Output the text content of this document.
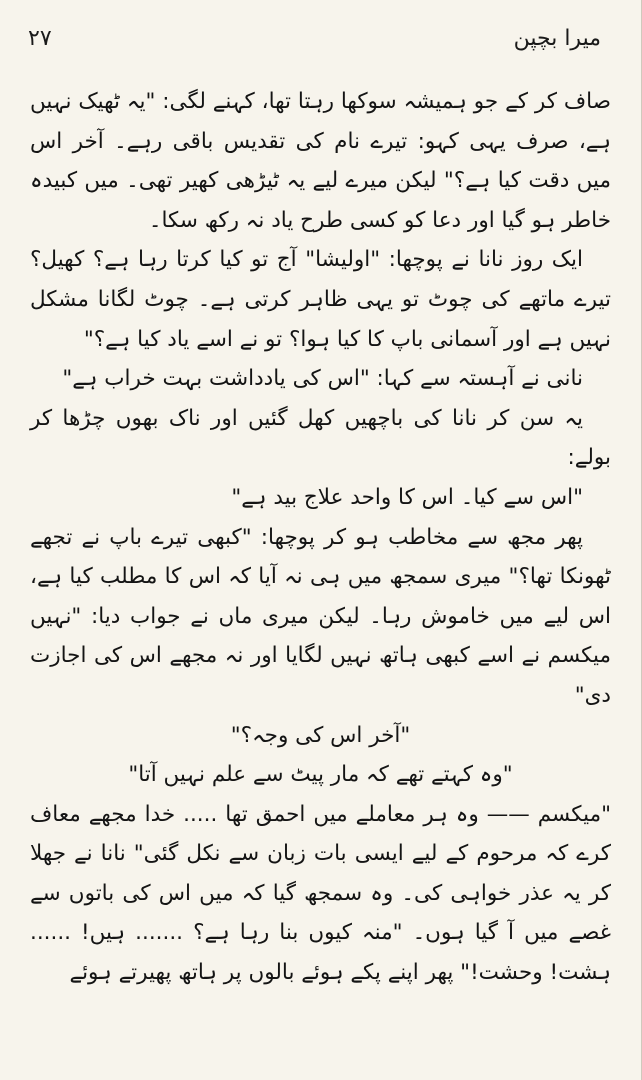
۲۷	میرا بچپن

صاف کر کے جو ہمیشہ سوکھا رہتا تھا، کہنے لگی: "یہ ٹھیک نہیں ہے، صرف یہی کہو: تیرے نام کی تقدیس باقی رہے۔ آخر اس میں دقت کیا ہے؟" لیکن میرے لیے یہ ٹیڑھی کھیر تھی۔ میں کبیدہ خاطر ہو گیا اور دعا کو کسی طرح یاد نہ رکھ سکا۔

ایک روز نانا نے پوچھا: "اولیشا" آج تو کیا کرتا رہا ہے؟ کھیل؟ تیرے ماتھے کی چوٹ تو یہی ظاہر کرتی ہے۔ چوٹ لگانا مشکل نہیں ہے اور آسمانی باپ کا کیا ہوا؟ تو نے اسے یاد کیا ہے؟"

نانی نے آہستہ سے کہا: "اس کی یادداشت بہت خراب ہے"

یہ سن کر نانا کی باچھیں کھل گئیں اور ناک بھوں چڑھا کر بولے:

"اس سے کیا۔ اس کا واحد علاج بید ہے"

پھر مجھ سے مخاطب ہو کر پوچھا: "کبھی تیرے باپ نے تجھے ٹھونکا تھا؟" میری سمجھ میں ہی نہ آیا کہ اس کا مطلب کیا ہے، اس لیے میں خاموش رہا۔ لیکن میری ماں نے جواب دیا: "نہیں میکسم نے اسے کبھی ہاتھ نہیں لگایا اور نہ مجھے اس کی اجازت دی"

"آخر اس کی وجہ؟"

"وہ کہتے تھے کہ مار پیٹ سے علم نہیں آتا"

"میکسم —— وہ ہر معاملے میں احمق تھا ..... خدا مجھے معاف کرے کہ مرحوم کے لیے ایسی بات زبان سے نکل گئی" نانا نے جھلا کر یہ عذر خواہی کی۔ وہ سمجھ گیا کہ میں اس کی باتوں سے غصے میں آ گیا ہوں۔ "منہ کیوں بنا رہا ہے؟ ....... ہیں! ...... ہشت! وحشت!" پھر اپنے پکے ہوئے بالوں پر ہاتھ پھیرتے ہوئے
